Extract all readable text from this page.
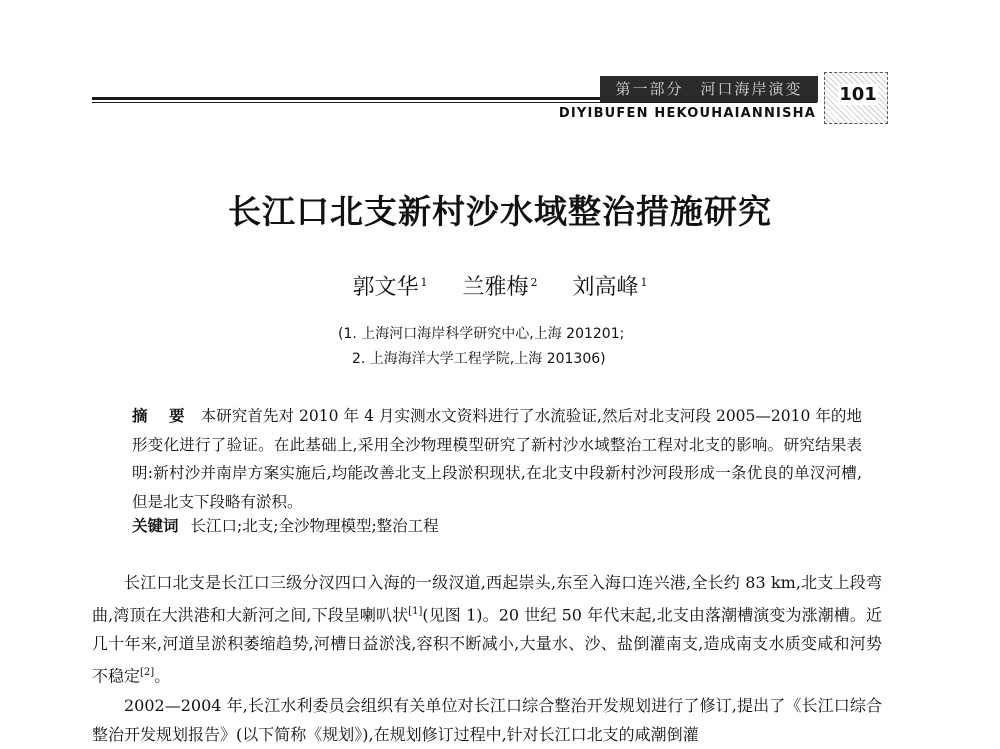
第一部分　河口海岸演变
DIYIBUFEN HEKOUHAIANNISHA
101
长江口北支新村沙水域整治措施研究
郭文华 $^1$ 兰雅梅 $^2$ 刘高峰 $^1$
(1. 上海河口海岸科学研究中心,上海 201201;
2. 上海海洋大学工程学院,上海 201306)
摘 要 本研究首先对 2010 年 4 月实测水文资料进行了水流验证,然后对北支河段 2005—2010 年的地形变化进行了验证。在此基础上,采用全沙物理模型研究了新村沙水域整治工程对北支的影响。研究结果表明:新村沙并南岸方案实施后,均能改善北支上段淤积现状,在北支中段新村沙河段形成一条优良的单汊河槽,但是北支下段略有淤积。
关键词 长江口;北支;全沙物理模型;整治工程

长江口北支是长江口三级分汊四口入海的一级汊道,西起崇头,东至入海口连兴港,全长约 83 km,北支上段弯曲,湾顶在大洪港和大新河之间,下段呈喇叭状[1](见图 1)。20 世纪 50 年代末起,北支由落潮槽演变为涨潮槽。近几十年来,河道呈淤积萎缩趋势,河槽日益淤浅,容积不断减小,大量水、沙、盐倒灌南支,造成南支水质变咸和河势不稳定[2]。

2002—2004 年,长江水利委员会组织有关单位对长江口综合整治开发规划进行了修订,提出了《长江口综合整治开发规划报告》(以下简称《规划》),在规划修订过程中,针对长江口北支的咸潮倒灌
